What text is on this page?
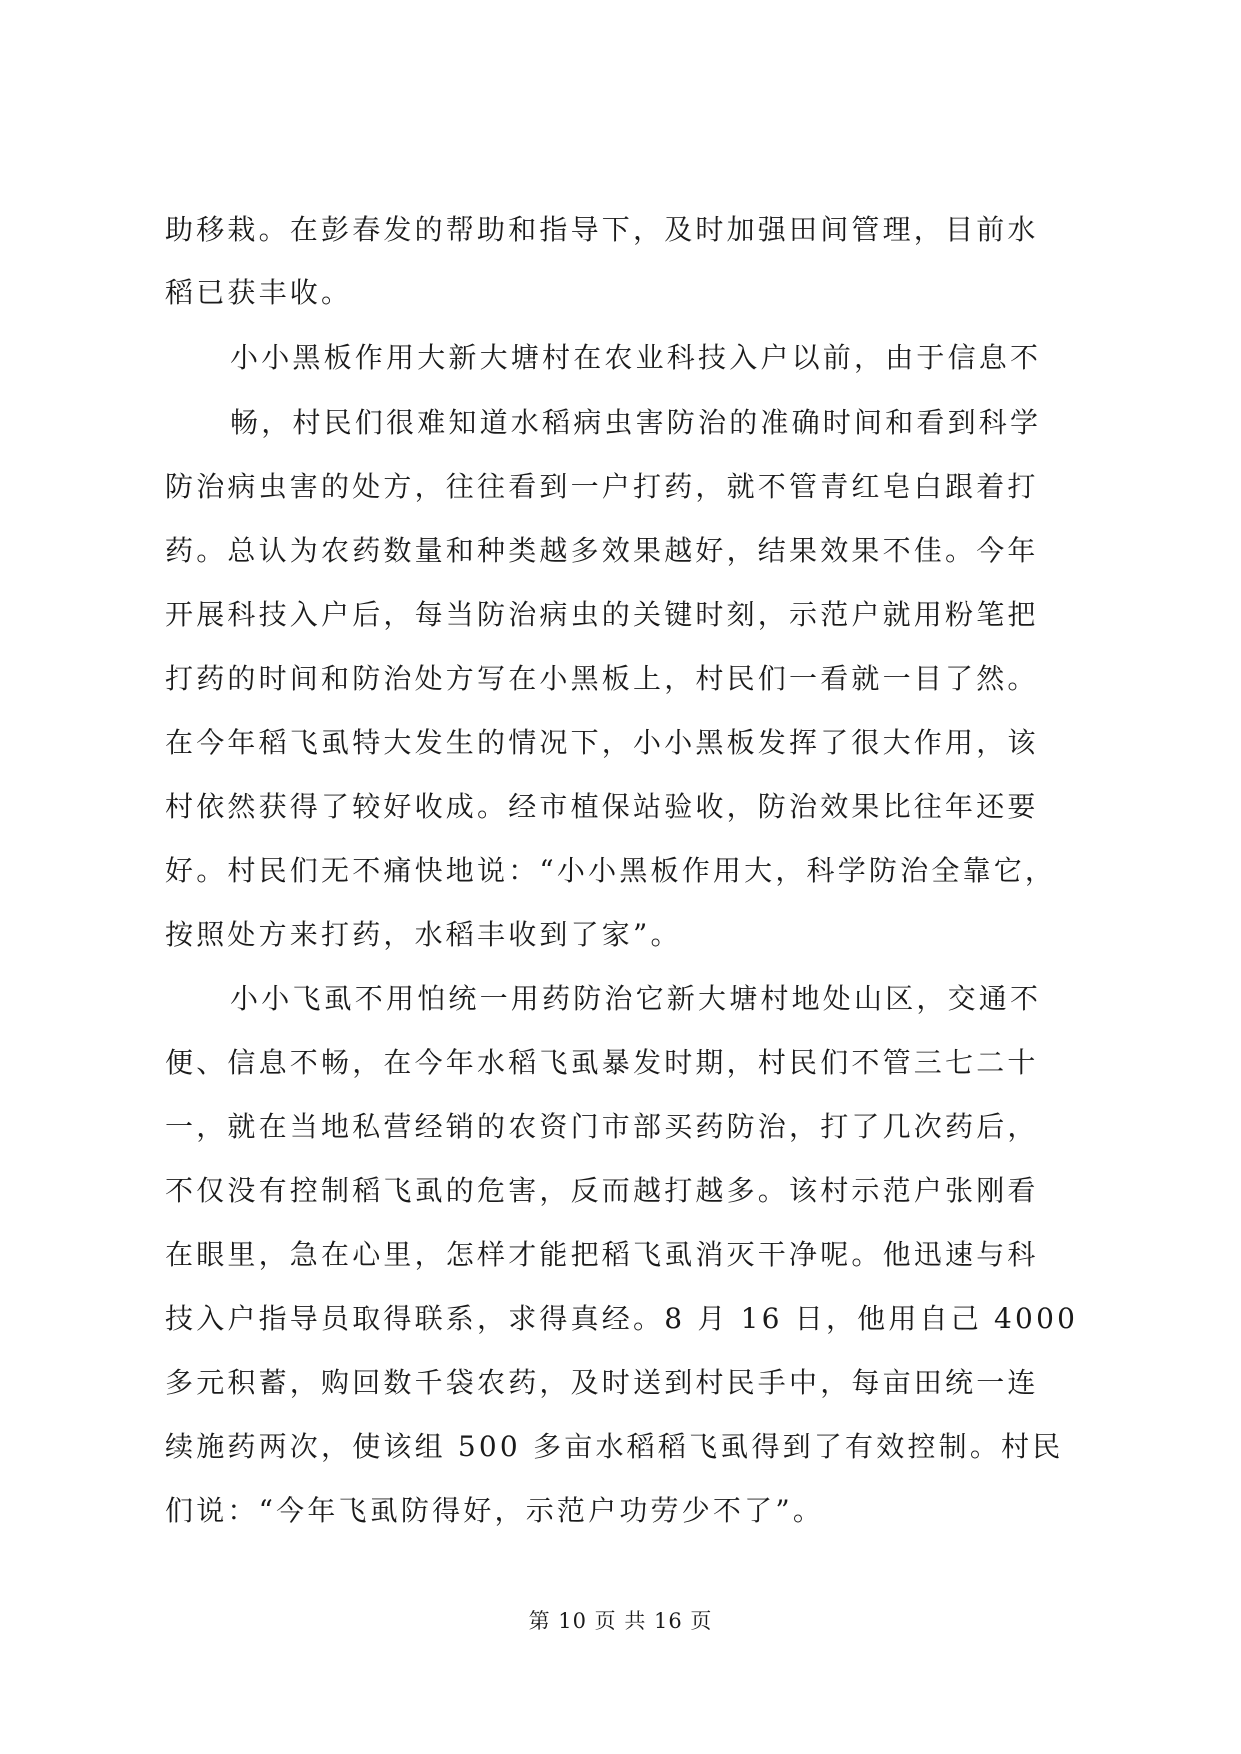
助移栽。在彭春发的帮助和指导下，及时加强田间管理，目前水
稻已获丰收。
小小黑板作用大新大塘村在农业科技入户以前，由于信息不
畅，村民们很难知道水稻病虫害防治的准确时间和看到科学
防治病虫害的处方，往往看到一户打药，就不管青红皂白跟着打
药。总认为农药数量和种类越多效果越好，结果效果不佳。今年
开展科技入户后，每当防治病虫的关键时刻，示范户就用粉笔把
打药的时间和防治处方写在小黑板上，村民们一看就一目了然。
在今年稻飞虱特大发生的情况下，小小黑板发挥了很大作用，该
村依然获得了较好收成。经市植保站验收，防治效果比往年还要
好。村民们无不痛快地说：“小小黑板作用大，科学防治全靠它，
按照处方来打药，水稻丰收到了家”。
小小飞虱不用怕统一用药防治它新大塘村地处山区，交通不
便、信息不畅，在今年水稻飞虱暴发时期，村民们不管三七二十
一，就在当地私营经销的农资门市部买药防治，打了几次药后，
不仅没有控制稻飞虱的危害，反而越打越多。该村示范户张刚看
在眼里，急在心里，怎样才能把稻飞虱消灭干净呢。他迅速与科
技入户指导员取得联系，求得真经。8 月 16 日，他用自己 4000
多元积蓄，购回数千袋农药，及时送到村民手中，每亩田统一连
续施药两次，使该组 500 多亩水稻稻飞虱得到了有效控制。村民
们说：“今年飞虱防得好，示范户功劳少不了”。
第 10 页 共 16 页
